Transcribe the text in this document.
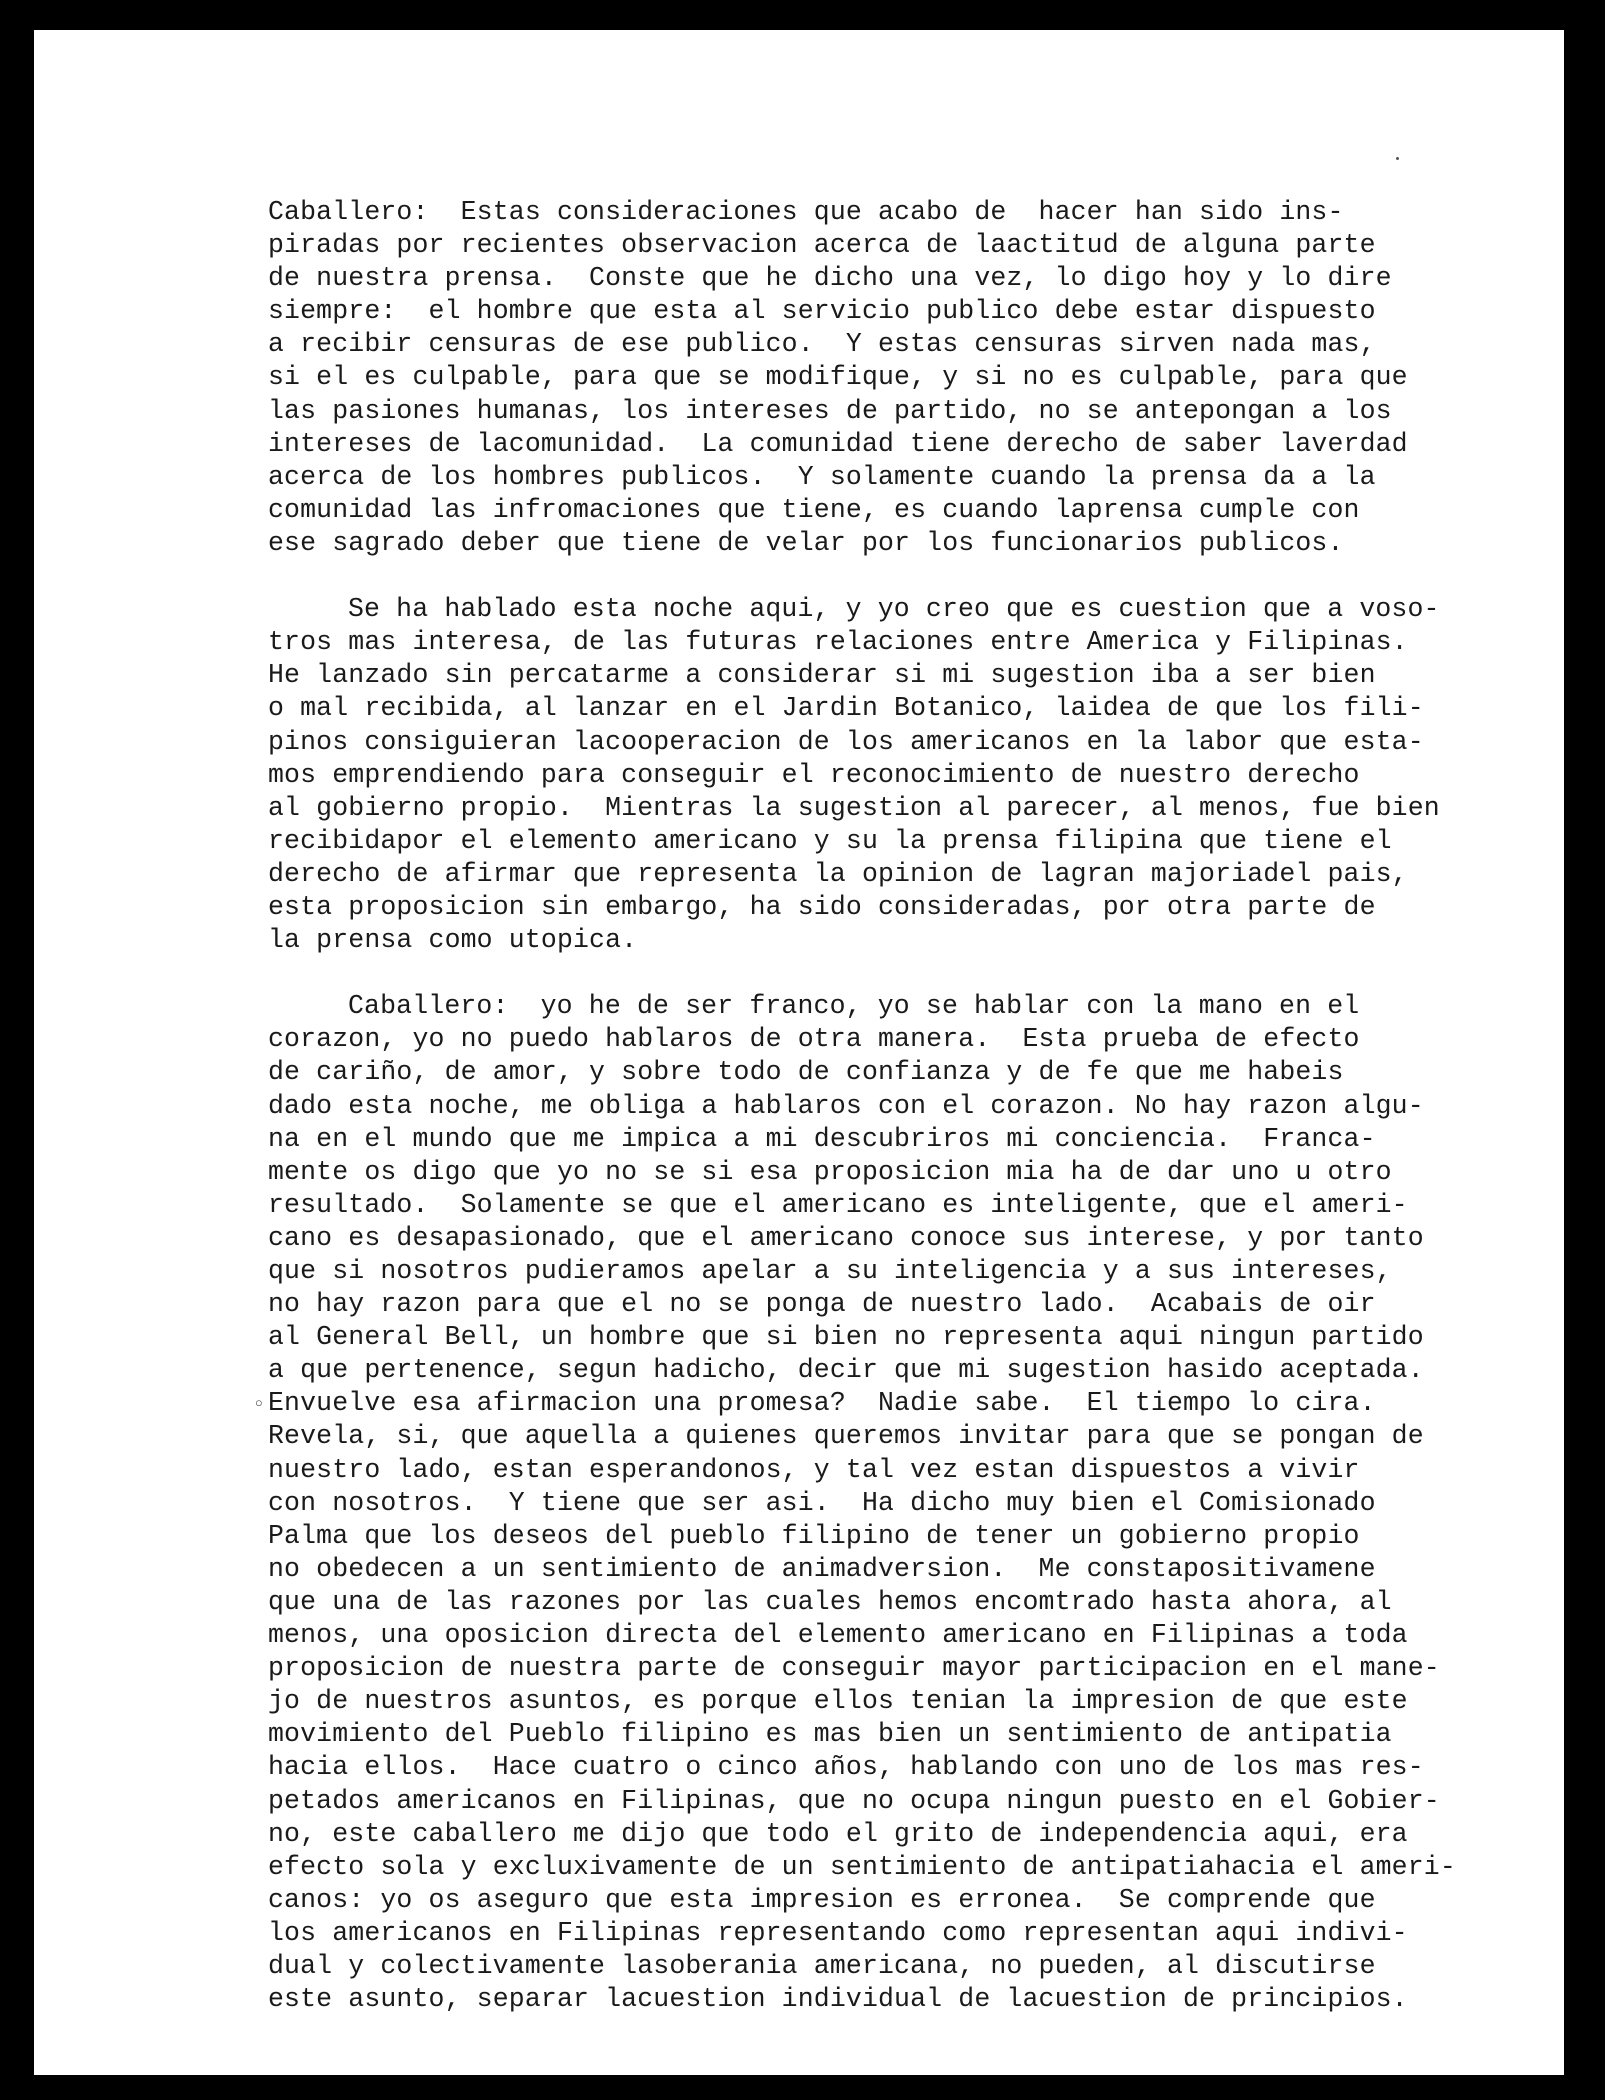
○
Caballero:  Estas consideraciones que acabo de  hacer han sido ins-
piradas por recientes observacion acerca de laactitud de alguna parte
de nuestra prensa.  Conste que he dicho una vez, lo digo hoy y lo dire
siempre:  el hombre que esta al servicio publico debe estar dispuesto
a recibir censuras de ese publico.  Y estas censuras sirven nada mas,
si el es culpable, para que se modifique, y si no es culpable, para que
las pasiones humanas, los intereses de partido, no se antepongan a los
intereses de lacomunidad.  La comunidad tiene derecho de saber laverdad
acerca de los hombres publicos.  Y solamente cuando la prensa da a la
comunidad las infromaciones que tiene, es cuando laprensa cumple con
ese sagrado deber que tiene de velar por los funcionarios publicos.
Se ha hablado esta noche aqui, y yo creo que es cuestion que a voso-
tros mas interesa, de las futuras relaciones entre America y Filipinas.
He lanzado sin percatarme a considerar si mi sugestion iba a ser bien
o mal recibida, al lanzar en el Jardin Botanico, laidea de que los fili-
pinos consiguieran lacooperacion de los americanos en la labor que esta-
mos emprendiendo para conseguir el reconocimiento de nuestro derecho
al gobierno propio.  Mientras la sugestion al parecer, al menos, fue bien
recibidapor el elemento americano y su la prensa filipina que tiene el
derecho de afirmar que representa la opinion de lagran majoriadel pais,
esta proposicion sin embargo, ha sido consideradas, por otra parte de
la prensa como utopica.
Caballero:  yo he de ser franco, yo se hablar con la mano en el
corazon, yo no puedo hablaros de otra manera.  Esta prueba de efecto
de cariño, de amor, y sobre todo de confianza y de fe que me habeis
dado esta noche, me obliga a hablaros con el corazon. No hay razon algu-
na en el mundo que me impica a mi descubriros mi conciencia.  Franca-
mente os digo que yo no se si esa proposicion mia ha de dar uno u otro
resultado.  Solamente se que el americano es inteligente, que el ameri-
cano es desapasionado, que el americano conoce sus interese, y por tanto
que si nosotros pudieramos apelar a su inteligencia y a sus intereses,
no hay razon para que el no se ponga de nuestro lado.  Acabais de oir
al General Bell, un hombre que si bien no representa aqui ningun partido
a que pertenence, segun hadicho, decir que mi sugestion hasido aceptada.
Envuelve esa afirmacion una promesa?  Nadie sabe.  El tiempo lo cira.
Revela, si, que aquella a quienes queremos invitar para que se pongan de
nuestro lado, estan esperandonos, y tal vez estan dispuestos a vivir
con nosotros.  Y tiene que ser asi.  Ha dicho muy bien el Comisionado
Palma que los deseos del pueblo filipino de tener un gobierno propio
no obedecen a un sentimiento de animadversion.  Me constapositivamene
que una de las razones por las cuales hemos encomtrado hasta ahora, al
menos, una oposicion directa del elemento americano en Filipinas a toda
proposicion de nuestra parte de conseguir mayor participacion en el mane-
jo de nuestros asuntos, es porque ellos tenian la impresion de que este
movimiento del Pueblo filipino es mas bien un sentimiento de antipatia
hacia ellos.  Hace cuatro o cinco años, hablando con uno de los mas res-
petados americanos en Filipinas, que no ocupa ningun puesto en el Gobier-
no, este caballero me dijo que todo el grito de independencia aqui, era
efecto sola y excluxivamente de un sentimiento de antipatiahacia el ameri-
canos: yo os aseguro que esta impresion es erronea.  Se comprende que
los americanos en Filipinas representando como representan aqui indivi-
dual y colectivamente lasoberania americana, no pueden, al discutirse
este asunto, separar lacuestion individual de lacuestion de principios.
